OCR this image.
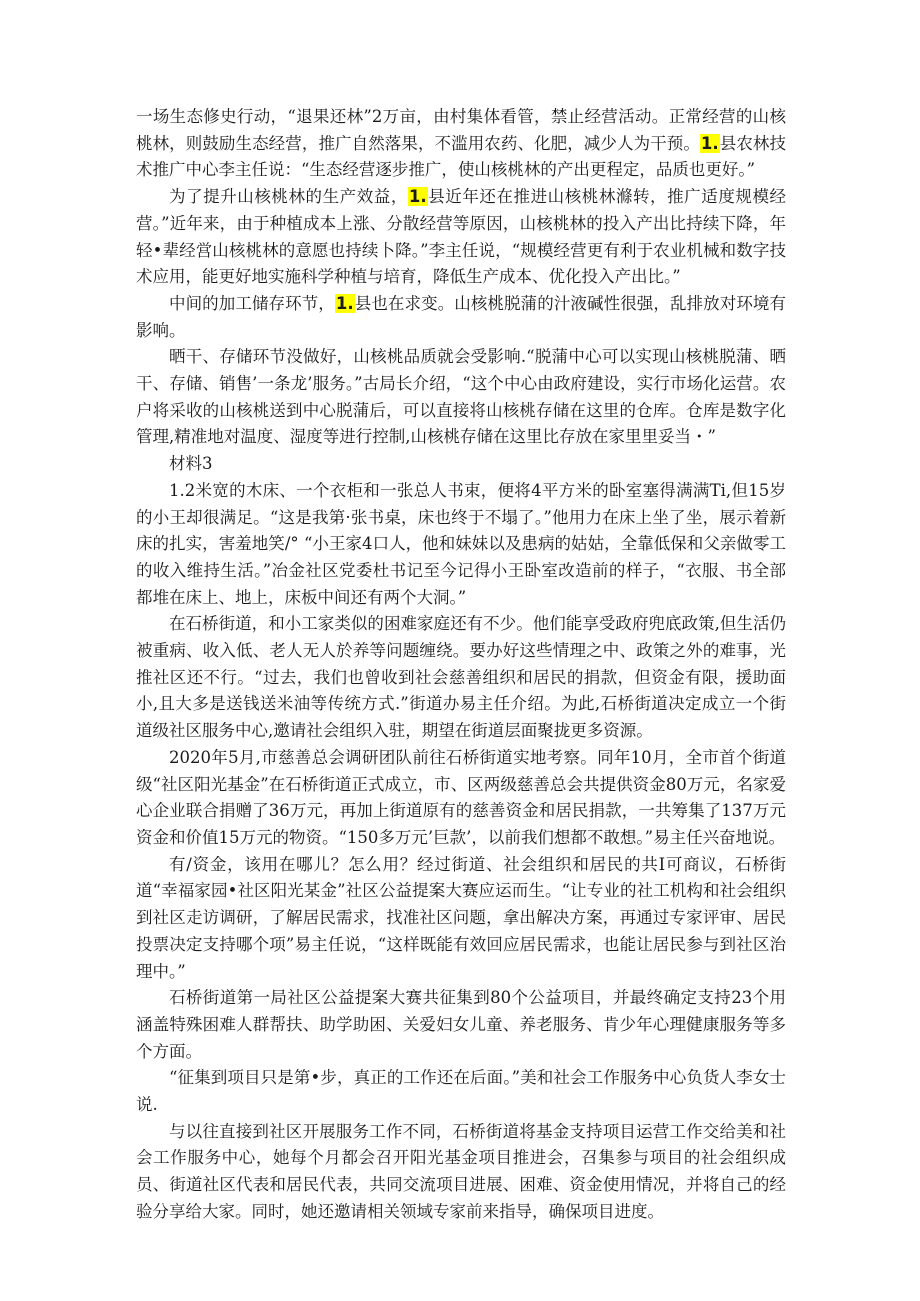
一场生态修史行动，“退果还林”2万亩，由村集体看管，禁止经营活动。正常经营的山核桃林，则鼓励生态经营，推广自然落果，不滥用农药、化肥，减少人为干预。1.县农林技术推广中心李主任说：“生态经营逐步推广，使山核桃林的产出更程定，品质也更好。”

为了提升山核桃林的生产效益，1.县近年还在推进山核桃林滌转，推广适度规模经营。”近年来，由于种植成本上涨、分散经营等原因，山核桃林的投入产出比持续下降，年轻•辈经営山核桃林的意愿也持续卜降。”李主任说，“规模经营更有利于农业机械和数字技术应用，能更好地实施科学种植与培育，降低生产成本、优化投入产出比。”

中间的加工储存环节，1.县也在求变。山核桃脱蒲的汁液碱性很强，乱排放对环境有影响。

晒干、存储环节没做好，山核桃品质就会受影响.“脱蒲中心可以实现山核桃脱蒲、晒干、存储、销售’一条龙’服务。”古局长介绍，“这个中心由政府建设，实行市场化运营。农户将采收的山核桃送到中心脱蒲后，可以直接将山核桃存储在这里的仓库。仓库是数字化管理,精准地对温度、湿度等进行控制,山核桃存储在这里比存放在家里里妥当・”

材料3

1.2米宽的木床、一个衣柜和一张总人书束，便将4平方米的卧室塞得满满Ti,但15岁的小王却很满足。“这是我第·张书桌，床也终于不塌了。”他用力在床上坐了坐，展示着新床的扎实，害羞地笑/° “小王家4口人，他和妹妹以及患病的姑姑，全靠低保和父亲做零工的收入维持生活。”冶金社区党委杜书记至今记得小王卧室改造前的样子，“衣服、书全部都堆在床上、地上，床板中间还有两个大洞。”

在石桥街道，和小工家类似的困难家庭还有不少。他们能享受政府兜底政策,但生活仍被重病、收入低、老人无人於养等问题缠绕。要办好这些情理之中、政策之外的难事，光推社区还不行。“过去，我们也曾收到社会慈善组织和居民的捐款，但资金有限，援助面小,且大多是送钱送米油等传统方式.”街道办易主任介绍。为此,石桥街道决定成立一个街道级社区服务中心,邀请社会组织入驻，期望在街道层面聚拢更多资源。

2020年5月,市慈善总会调研团队前往石桥街道实地考察。同年10月，全市首个街道级“社区阳光基金”在石桥街道正式成立，市、区两级慈善总会共提供资金80万元，名家爱心企业联合捐赠了36万元，再加上街道原有的慈善资金和居民捐款，一共筹集了137万元资金和价值15万元的物资。“150多万元’巨款’，以前我们想都不敢想。”易主任兴奋地说。

有/资金，该用在哪儿？怎么用？经过街道、社会组织和居民的共I可商议，石桥街道“幸福家园•社区阳光某金”社区公益提案大赛应运而生。“让专业的社工机构和社会组织到社区走访调研，了解居民需求，找准社区问题，拿出解决方案，再通过专家评审、居民投票决定支持哪个项”易主任说，“这样既能有效回应居民需求，也能让居民参与到社区治理中。”

石桥街道第一局社区公益提案大赛共征集到80个公益项目，并最终确定支持23个用涵盖特殊困难人群帮扶、助学助困、关爱妇女儿童、养老服务、肯少年心理健康服务等多个方面。

“征集到项目只是第•步，真正的工作还在后面。”美和社会工作服务中心负货人李女士说.

与以往直接到社区开展服务工作不同，石桥街道将基金支持项目运营工作交给美和社会工作服务中心，她每个月都会召开阳光基金项目推进会，召集参与项目的社会组织成员、街道社区代表和居民代表，共同交流项目进展、困难、资金使用情况，并将自己的经验分享给大家。同时，她还邀请相关领域专家前来指导，确保项目进度。
